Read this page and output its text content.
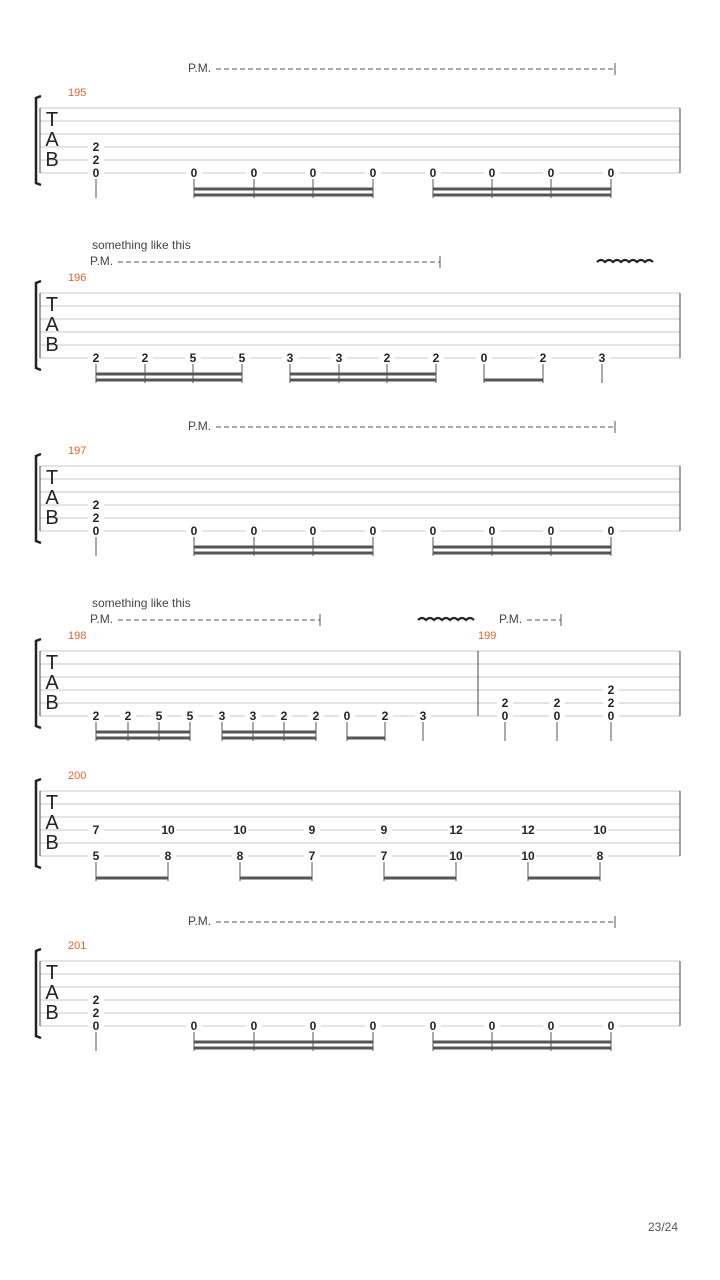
T
A
B
P.M.
195
2
2
0	0	0	0	0	0	0	0	0
T
A
B
something like this
P.M.
196
2	2	5	5	3	3	2	2	0	2	3
T
A
B
P.M.
197
2
2
0	0	0	0	0	0	0	0	0
T
A
B
something like this
P.M.	P.M.
198
2 2 5 5 3 3 2 2 0	2	3
199
2
0
2
0
2
2
0
T
A
B
200
7
5
10
8
10
8
9
7
9
7
12
10
12
10
10
8
T
A
B
P.M.
201
2
2
0	0	0	0	0	0	0	0	0
23/24
